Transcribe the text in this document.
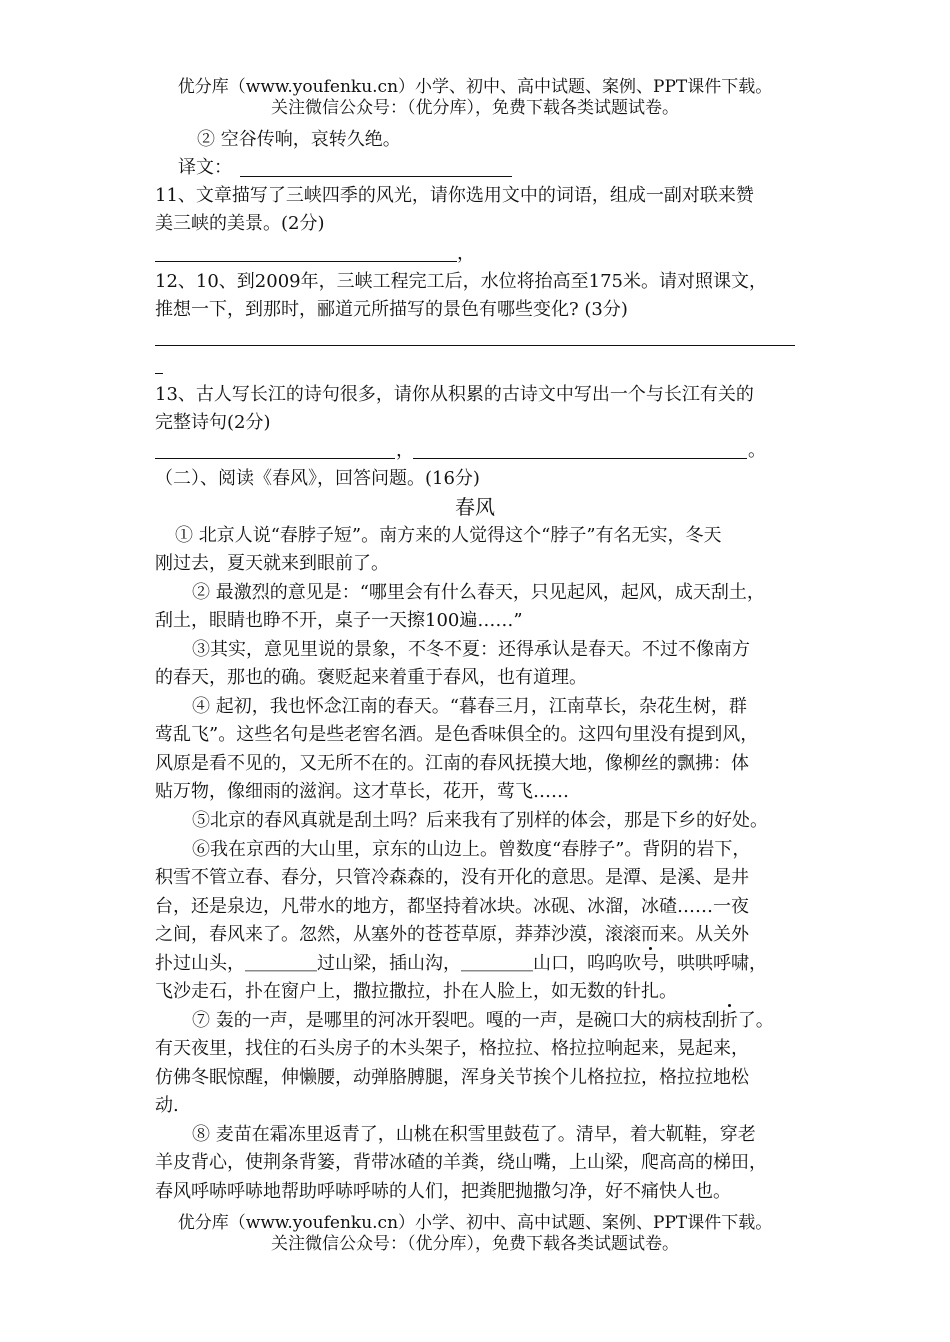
优分库（www.youfenku.cn）小学、初中、高中试题、案例、PPT课件下载。
关注微信公众号：（优分库），免费下载各类试题试卷。
② 空谷传响，哀转久绝。
译文：
11、文章描写了三峡四季的风光，请你选用文中的词语，组成一副对联来赞
美三峡的美景。(2分)
，
12、10、到2009年，三峡工程完工后，水位将抬高至175米。请对照课文，
推想一下，到那时，郦道元所描写的景色有哪些变化? (3分)
13、古人写长江的诗句很多，请你从积累的古诗文中写出一个与长江有关的
完整诗句(2分)
，	。
（二）、阅读《春风》，回答问题。(16分)
春风
① 北京人说“春脖子短”。南方来的人觉得这个“脖子”有名无实，冬天
刚过去，夏天就来到眼前了。
② 最激烈的意见是：“哪里会有什么春天，只见起风，起风，成天刮土，
刮土，眼睛也睁不开，桌子一天擦100遍……”
③其实，意见里说的景象，不冬不夏：还得承认是春天。不过不像南方
的春天，那也的确。褒贬起来着重于春风，也有道理。
④ 起初，我也怀念江南的春天。“暮春三月，江南草长，杂花生树，群
莺乱飞”。这些名句是些老窖名酒。是色香味俱全的。这四句里没有提到风，
风原是看不见的，又无所不在的。江南的春风抚摸大地，像柳丝的飘拂：体
贴万物，像细雨的滋润。这才草长，花开，莺飞……
⑤北京的春风真就是刮土吗？后来我有了别样的体会，那是下乡的好处。
⑥我在京西的大山里，京东的山边上。曾数度“春脖子”。背阴的岩下，
积雪不管立春、春分，只管冷森森的，没有开化的意思。是潭、是溪、是井
台，还是泉边，凡带水的地方，都坚持着冰块。冰砚、冰溜，冰碴……一夜
之间，春风来了。忽然，从塞外的苍苍草原，莽莽沙漠，滚滚而来。从关外
扑过山头，＿＿＿＿过山梁，插山沟，＿＿＿＿山口，呜呜吹号，哄哄呼啸，
飞沙走石，扑在窗户上，撒拉撒拉，扑在人脸上，如无数的针扎。
⑦ 轰的一声，是哪里的河冰开裂吧。嘎的一声，是碗口大的病枝刮折了。
有天夜里，找住的石头房子的木头架子，格拉拉、格拉拉响起来，晃起来，
仿佛冬眠惊醒，伸懒腰，动弹胳膊腿，浑身关节挨个儿格拉拉，格拉拉地松
动.
⑧ 麦苗在霜冻里返青了，山桃在积雪里鼓苞了。清早，着大靰鞋，穿老
羊皮背心，使荆条背篓，背带冰碴的羊粪，绕山嘴，上山梁，爬高高的梯田，
春风呼哧呼哧地帮助呼哧呼哧的人们，把粪肥抛撒匀净，好不痛快人也。
优分库（www.youfenku.cn）小学、初中、高中试题、案例、PPT课件下载。
关注微信公众号：（优分库），免费下载各类试题试卷。
